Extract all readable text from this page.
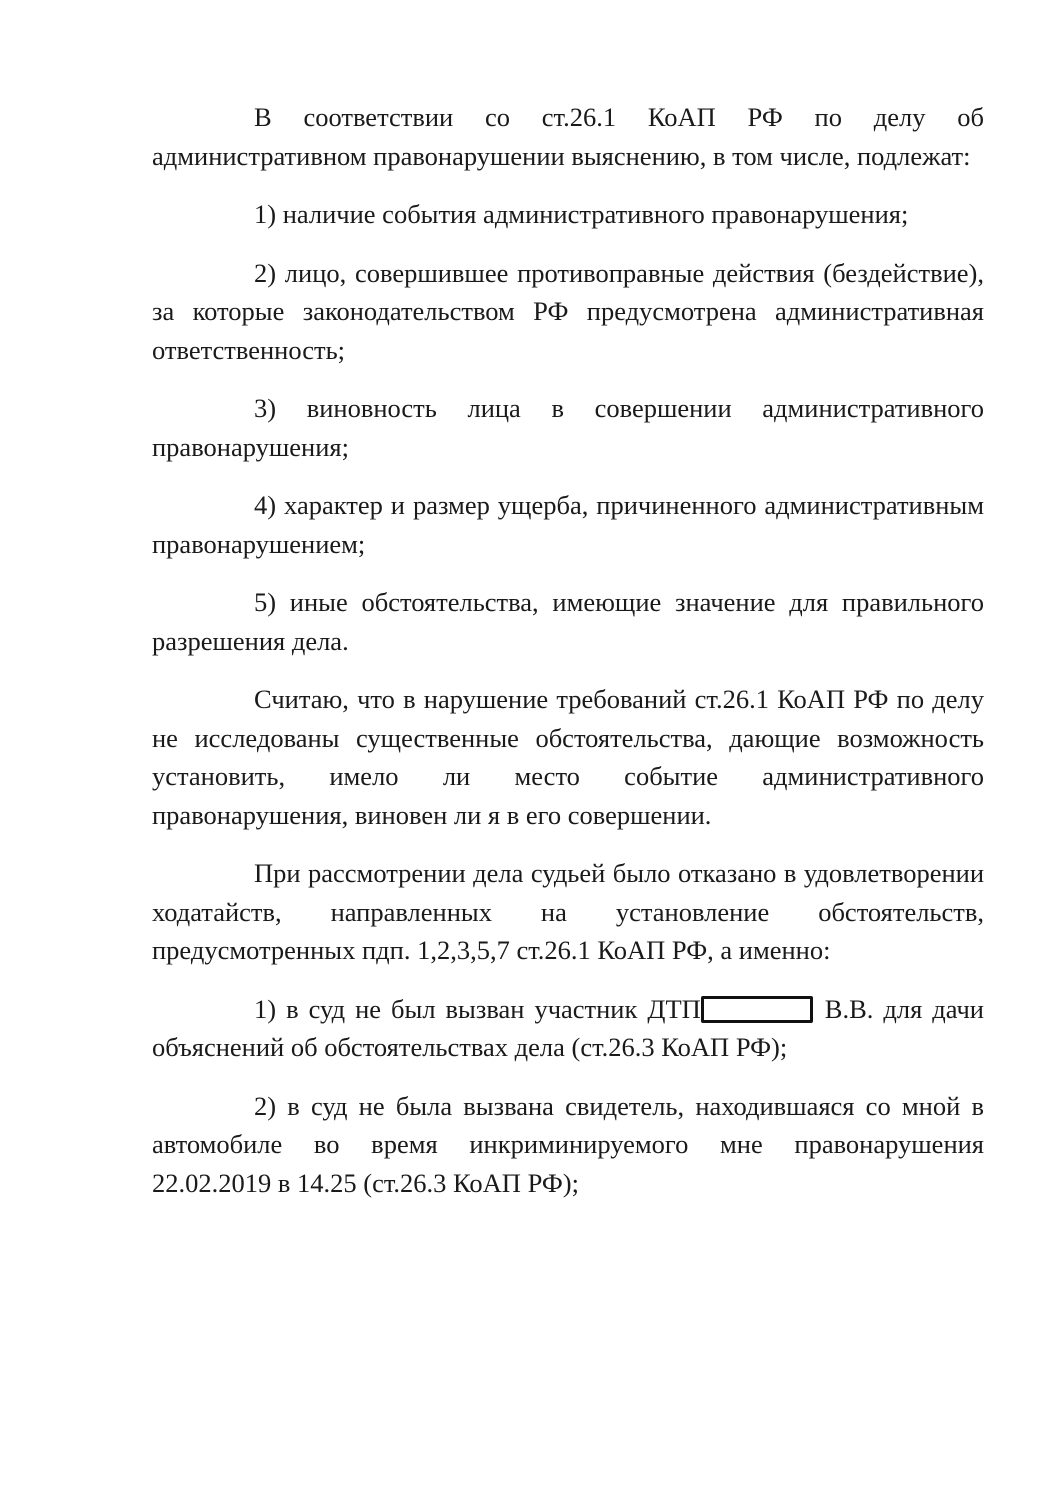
В соответствии со ст.26.1 КоАП РФ по делу об административном правонарушении выяснению, в том числе, подлежат:

1) наличие события административного правонарушения;

2) лицо, совершившее противоправные действия (бездействие), за которые законодательством РФ предусмотрена административная ответственность;

3) виновность лица в совершении административного правонарушения;

4) характер и размер ущерба, причиненного административным правонарушением;

5) иные обстоятельства, имеющие значение для правильного разрешения дела.

Считаю, что в нарушение требований ст.26.1 КоАП РФ по делу не исследованы существенные обстоятельства, дающие возможность установить, имело ли место событие административного правонарушения, виновен ли я в его совершении.

При рассмотрении дела судьей было отказано в удовлетворении ходатайств, направленных на установление обстоятельств, предусмотренных пдп. 1,2,3,5,7 ст.26.1 КоАП РФ, а именно:

1) в суд не был вызван участник ДТП	В.В. для дачи объяснений об обстоятельствах дела (ст.26.3 КоАП РФ);

2) в суд не была вызвана свидетель, находившаяся со мной в автомобиле во время инкриминируемого мне правонарушения 22.02.2019 в 14.25 (ст.26.3 КоАП РФ);
